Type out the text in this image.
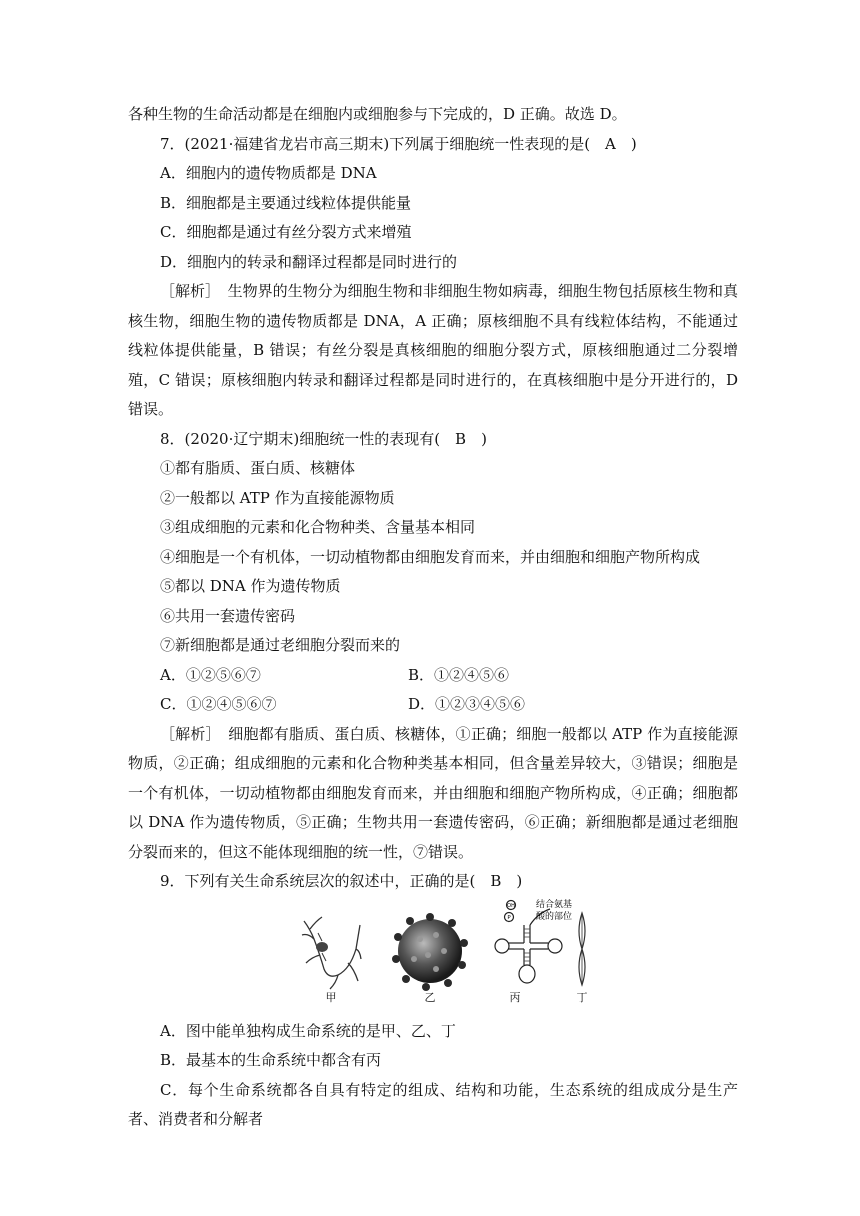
各种生物的生命活动都是在细胞内或细胞参与下完成的，D 正确。故选 D。
7．(2021·福建省龙岩市高三期末)下列属于细胞统一性表现的是(　A　)
A．细胞内的遗传物质都是 DNA
B．细胞都是主要通过线粒体提供能量
C．细胞都是通过有丝分裂方式来增殖
D．细胞内的转录和翻译过程都是同时进行的
［解析］　生物界的生物分为细胞生物和非细胞生物如病毒，细胞生物包括原核生物和真核生物，细胞生物的遗传物质都是 DNA，A 正确；原核细胞不具有线粒体结构，不能通过线粒体提供能量，B 错误；有丝分裂是真核细胞的细胞分裂方式，原核细胞通过二分裂增殖，C 错误；原核细胞内转录和翻译过程都是同时进行的，在真核细胞中是分开进行的，D 错误。
8．(2020·辽宁期末)细胞统一性的表现有(　B　)
①都有脂质、蛋白质、核糖体
②一般都以 ATP 作为直接能源物质
③组成细胞的元素和化合物种类、含量基本相同
④细胞是一个有机体，一切动植物都由细胞发育而来，并由细胞和细胞产物所构成
⑤都以 DNA 作为遗传物质
⑥共用一套遗传密码
⑦新细胞都是通过老细胞分裂而来的
A．①②⑤⑥⑦	B．①②④⑤⑥
C．①②④⑤⑥⑦	D．①②③④⑤⑥
［解析］　细胞都有脂质、蛋白质、核糖体，①正确；细胞一般都以 ATP 作为直接能源物质，②正确；组成细胞的元素和化合物种类基本相同，但含量差异较大，③错误；细胞是一个有机体，一切动植物都由细胞发育而来，并由细胞和细胞产物所构成，④正确；细胞都以 DNA 作为遗传物质，⑤正确；生物共用一套遗传密码，⑥正确；新细胞都是通过老细胞分裂而来的，但这不能体现细胞的统一性，⑦错误。
9．下列有关生命系统层次的叙述中，正确的是(　B　)
甲	乙
OH
P
结合氨基
酸的部位
丙	丁
A．图中能单独构成生命系统的是甲、乙、丁
B．最基本的生命系统中都含有丙
C．每个生命系统都各自具有特定的组成、结构和功能，生态系统的组成成分是生产者、消费者和分解者
